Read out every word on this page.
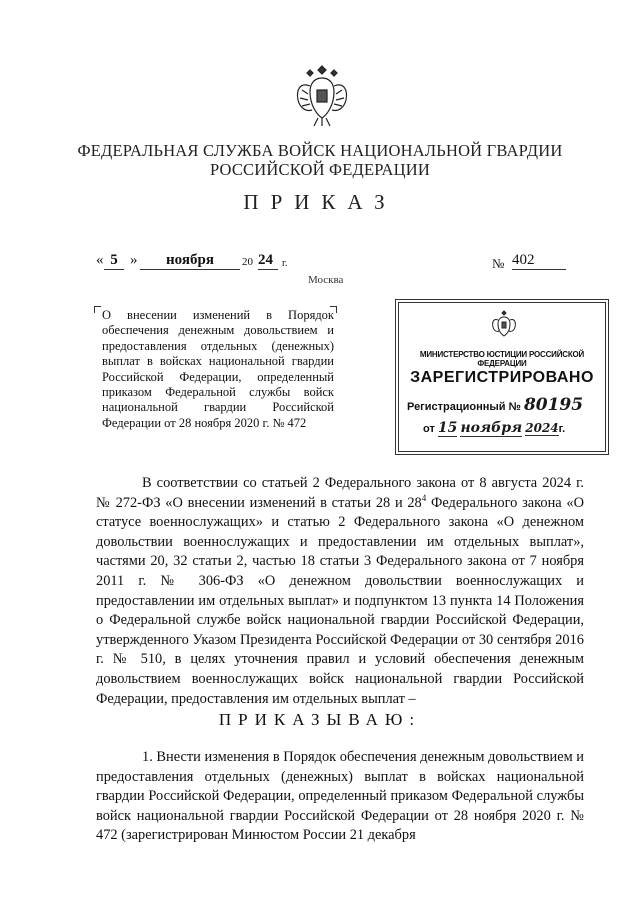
ФЕДЕРАЛЬНАЯ СЛУЖБА ВОЙСК НАЦИОНАЛЬНОЙ ГВАРДИИ
РОССИЙСКОЙ ФЕДЕРАЦИИ
ПРИКАЗ
« 5 »	ноября	20 24 г.	№ 402
Москва
О внесении изменений в Порядок обеспечения денежным довольствием и предоставления отдельных (денежных) выплат в войсках национальной гвардии Российской Федерации, определенный приказом Федеральной службы войск национальной гвардии Российской Федерации от 28 ноября 2020 г. № 472
МИНИСТЕРСТВО ЮСТИЦИИ РОССИЙСКОЙ ФЕДЕРАЦИИ
ЗАРЕГИСТРИРОВАНО
Регистрационный № 80195
от 15 ноября 2024г.
В соответствии со статьей 2 Федерального закона от 8 августа 2024 г. № 272-ФЗ «О внесении изменений в статьи 28 и $28^4$ Федерального закона «О статусе военнослужащих» и статью 2 Федерального закона «О денежном довольствии военнослужащих и предоставлении им отдельных выплат», частями 20, 32 статьи 2, частью 18 статьи 3 Федерального закона от 7 ноября 2011 г. № 306-ФЗ «О денежном довольствии военнослужащих и предоставлении им отдельных выплат» и подпунктом 13 пункта 14 Положения о Федеральной службе войск национальной гвардии Российской Федерации, утвержденного Указом Президента Российской Федерации от 30 сентября 2016 г. № 510, в целях уточнения правил и условий обеспечения денежным довольствием военнослужащих войск национальной гвардии Российской Федерации, предоставления им отдельных выплат –
ПРИКАЗЫВАЮ:
1. Внести изменения в Порядок обеспечения денежным довольствием и предоставления отдельных (денежных) выплат в войсках национальной гвардии Российской Федерации, определенный приказом Федеральной службы войск национальной гвардии Российской Федерации от 28 ноября 2020 г. № 472 (зарегистрирован Минюстом России 21 декабря
